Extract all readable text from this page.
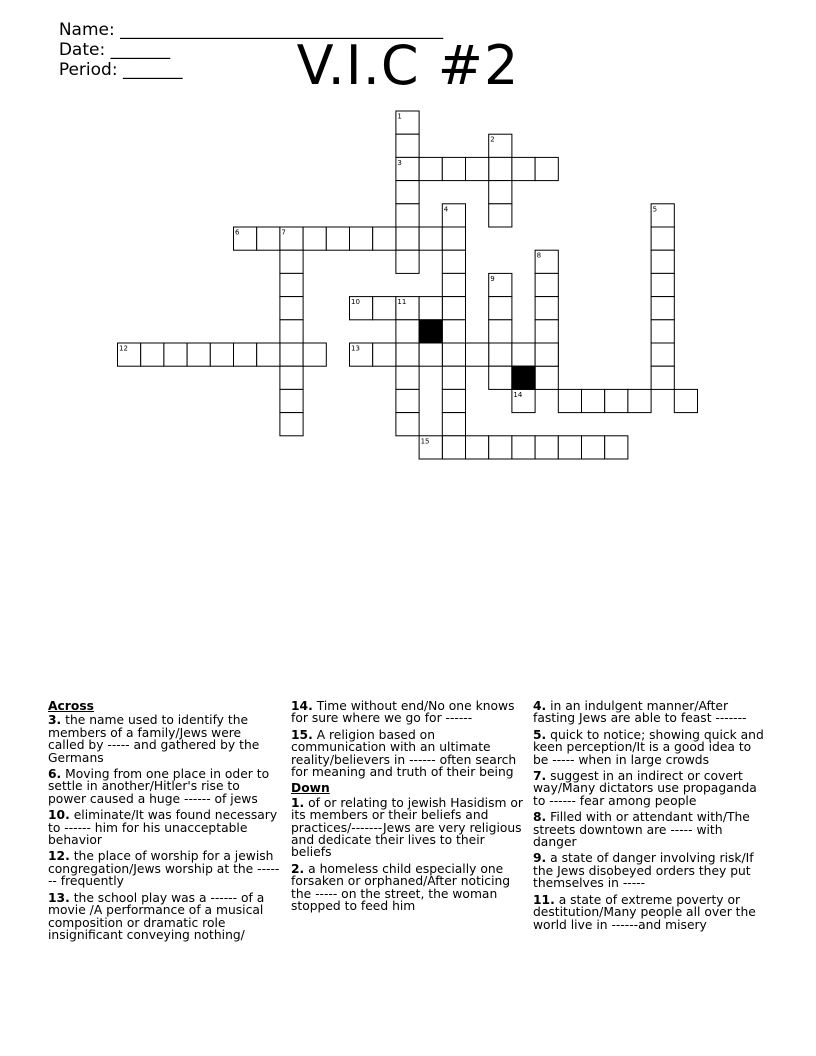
Name: ______________________________________
Date: _______
Period: _______	V.I.C #2
1
2
3
4	5
6	7
8
9
10	11
12	13
14
15
Across
3. the name used to identify the members of a family/Jews were called by ----- and gathered by the Germans
6. Moving from one place in oder to settle in another/Hitler's rise to power caused a huge ------ of jews
10. eliminate/It was found necessary to ------ him for his unacceptable behavior
12. the place of worship for a jewish congregation/Jews worship at the ------- frequently
13. the school play was a ------ of a movie /A performance of a musical composition or dramatic role insignificant conveying nothing/
14. Time without end/No one knows for sure where we go for ------
15. A religion based on communication with an ultimate reality/believers in ------ often search for meaning and truth of their being
Down
1. of or relating to jewish Hasidism or its members or their beliefs and practices/-------Jews are very religious and dedicate their lives to their beliefs
2. a homeless child especially one forsaken or orphaned/After noticing the ----- on the street, the woman stopped to feed him
4. in an indulgent manner/After fasting Jews are able to feast -------
5. quick to notice; showing quick and keen perception/It is a good idea to be ----- when in large crowds
7. suggest in an indirect or covert way/Many dictators use propaganda to ------ fear among people
8. Filled with or attendant with/The streets downtown are ----- with danger
9. a state of danger involving risk/If the Jews disobeyed orders they put themselves in -----
11. a state of extreme poverty or destitution/Many people all over the world live in ------and misery
